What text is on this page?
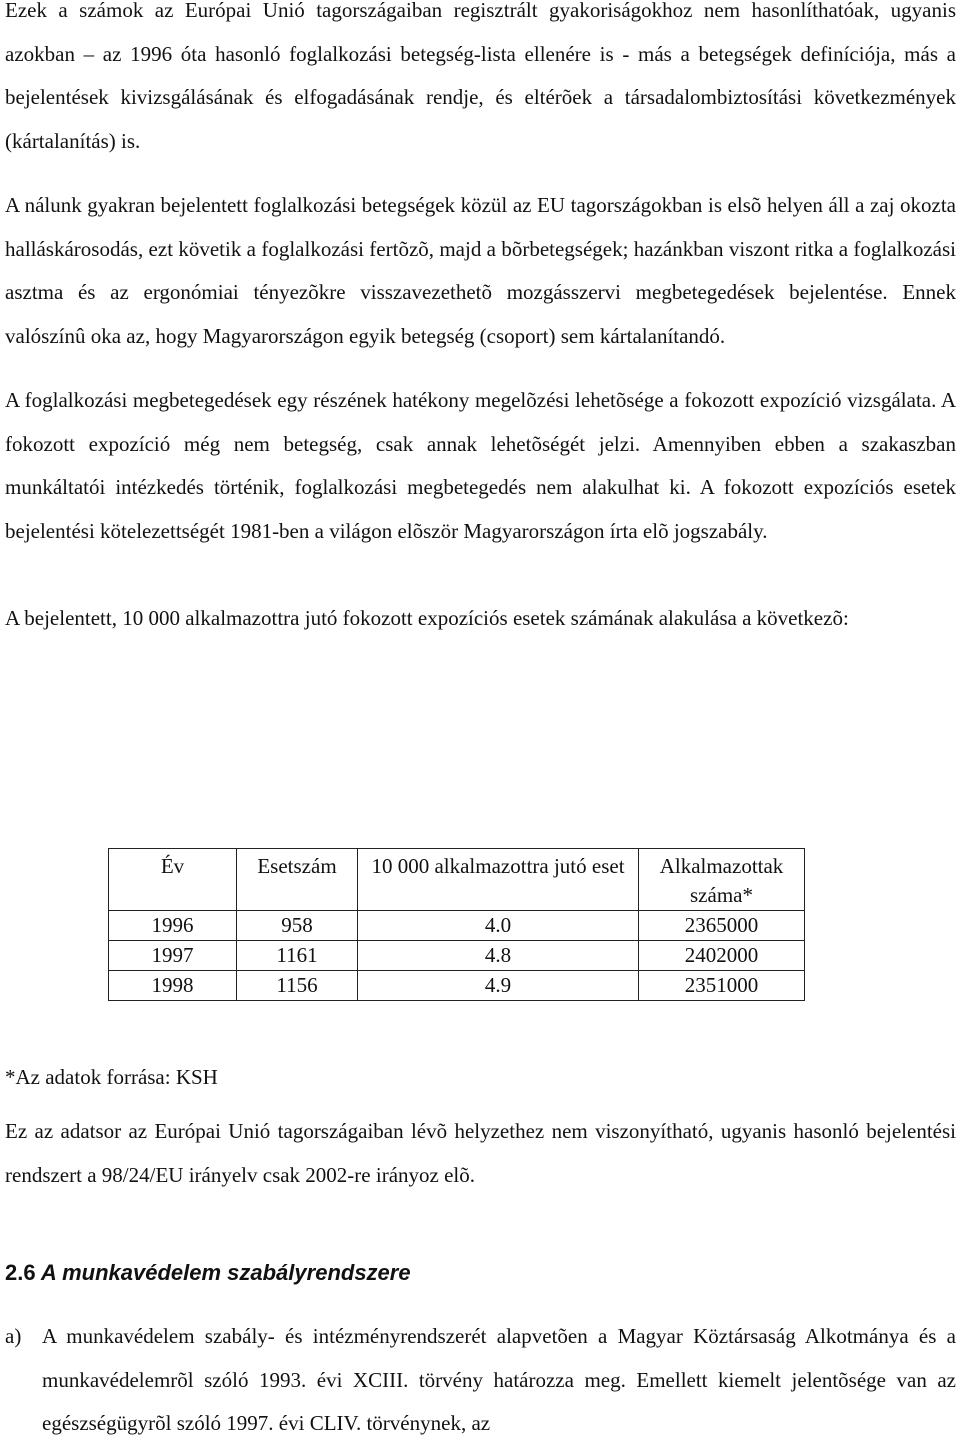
Ezek a számok az Európai Unió tagországaiban regisztrált gyakoriságokhoz nem hasonlíthatóak, ugyanis azokban – az 1996 óta hasonló foglalkozási betegség-lista ellenére is - más a betegségek definíciója, más a bejelentések kivizsgálásának és elfogadásának rendje, és eltérõek a társadalombiztosítási következmények (kártalanítás) is.

A nálunk gyakran bejelentett foglalkozási betegségek közül az EU tagországokban is elsõ helyen áll a zaj okozta halláskárosodás, ezt követik a foglalkozási fertõzõ, majd a bõrbetegségek; hazánkban viszont ritka a foglalkozási asztma és az ergonómiai tényezõkre visszavezethetõ mozgásszervi megbetegedések bejelentése. Ennek valószínû oka az, hogy Magyarországon egyik betegség (csoport) sem kártalanítandó.

A foglalkozási megbetegedések egy részének hatékony megelõzési lehetõsége a fokozott expozíció vizsgálata. A fokozott expozíció még nem betegség, csak annak lehetõségét jelzi. Amennyiben ebben a szakaszban munkáltatói intézkedés történik, foglalkozási megbetegedés nem alakulhat ki. A fokozott expozíciós esetek bejelentési kötelezettségét 1981-ben a világon elõször Magyarországon írta elõ jogszabály.

A bejelentett, 10 000 alkalmazottra jutó fokozott expozíciós esetek számának alakulása a következõ:

Év	Esetszám	10 000 alkalmazottra jutó eset	Alkalmazottak száma*
1996	958	4.0	2365000
1997	1161	4.8	2402000
1998	1156	4.9	2351000

*Az adatok forrása: KSH

Ez az adatsor az Európai Unió tagországaiban lévõ helyzethez nem viszonyítható, ugyanis hasonló bejelentési rendszert a 98/24/EU irányelv csak 2002-re irányoz elõ.

2.6 A munkavédelem szabályrendszere
a) A munkavédelem szabály- és intézményrendszerét alapvetõen a Magyar Köztársaság Alkotmánya és a munkavédelemrõl szóló 1993. évi XCIII. törvény határozza meg. Emellett kiemelt jelentõsége van az egészségügyrõl szóló 1997. évi CLIV. törvénynek, az
